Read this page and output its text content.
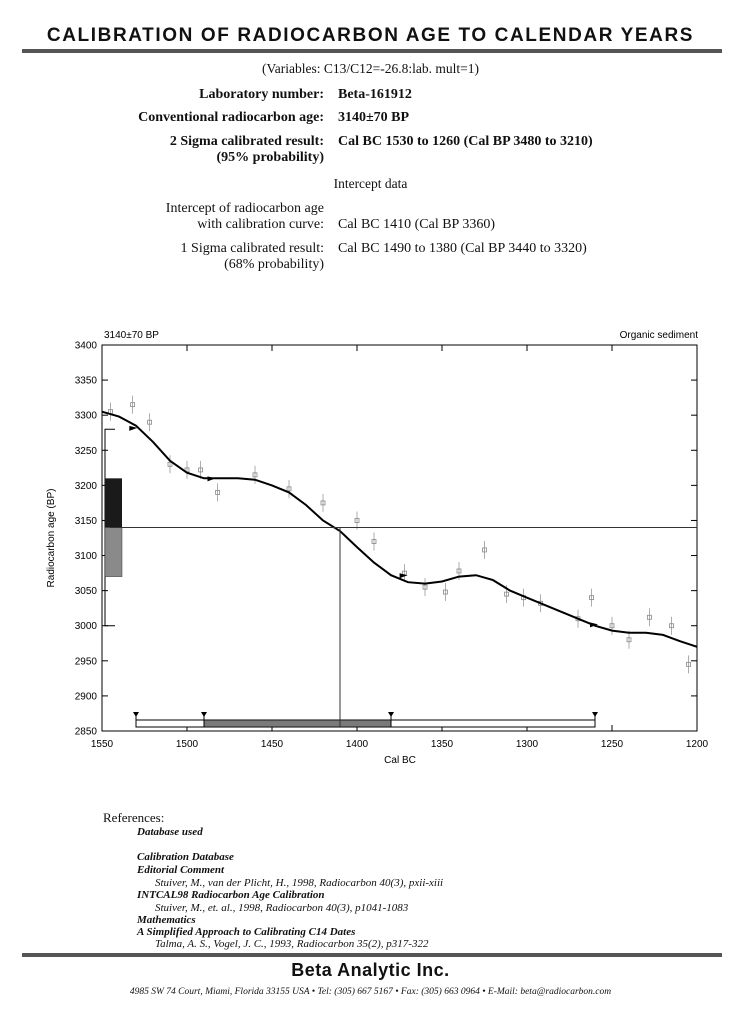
CALIBRATION OF RADIOCARBON AGE TO CALENDAR YEARS
(Variables: C13/C12=-26.8:lab. mult=1)
Laboratory number: Beta-161912
Conventional radiocarbon age: 3140±70 BP
2 Sigma calibrated result:
(95% probability)
Cal BC 1530 to 1260 (Cal BP 3480 to 3210)
Intercept data
Intercept of radiocarbon age
with calibration curve: Cal BC 1410 (Cal BP 3360)
1 Sigma calibrated result:
(68% probability)
Cal BC 1490 to 1380 (Cal BP 3440 to 3320)
3140±70 BP	Organic sediment
2850
2900
2950
3000
3050
3100
3150
3200
3250
3300
3350
3400
1550	1500	1450	1400	1350	1300	1250	1200
Radiocarbon age (BP)
Cal BC
References:
Database used
Calibration Database
Editorial Comment
Stuiver, M., van der Plicht, H., 1998, Radiocarbon 40(3), pxii-xiii
INTCAL98 Radiocarbon Age Calibration
Stuiver, M., et. al., 1998, Radiocarbon 40(3), p1041-1083
Mathematics
A Simplified Approach to Calibrating C14 Dates
Talma, A. S., Vogel, J. C., 1993, Radiocarbon 35(2), p317-322
Beta Analytic Inc.
4985 SW 74 Court, Miami, Florida 33155 USA • Tel: (305) 667 5167 • Fax: (305) 663 0964 • E-Mail: beta@radiocarbon.com
